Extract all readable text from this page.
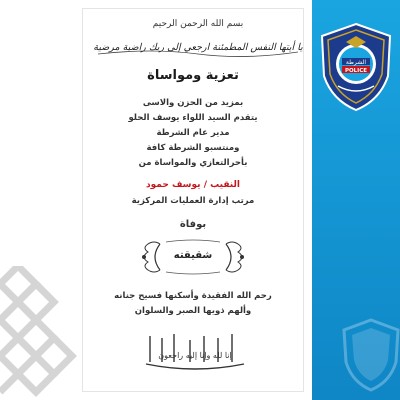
الشرطة
POLICE
بسم الله الرحمن الرحيم
يا أيتها النفس المطمئنة ارجعي إلى ربك راضية مرضية
تعزية ومواساة
بمزيد من الحزن والاسى
يتقدم السيد اللواء يوسف الحلو
مدير عام الشرطة
ومنتسبو الشرطة كافة
بأحرالتعازي والمواساة من
النقيب / يوسف حمود
مرتب إدارة العمليات المركزية
بوفاة
شقيقته
رحم الله الفقيدة وأسكنها فسيح جنانه
وألهم ذويها الصبر والسلوان
إنا لله وإنا إليه راجعون
